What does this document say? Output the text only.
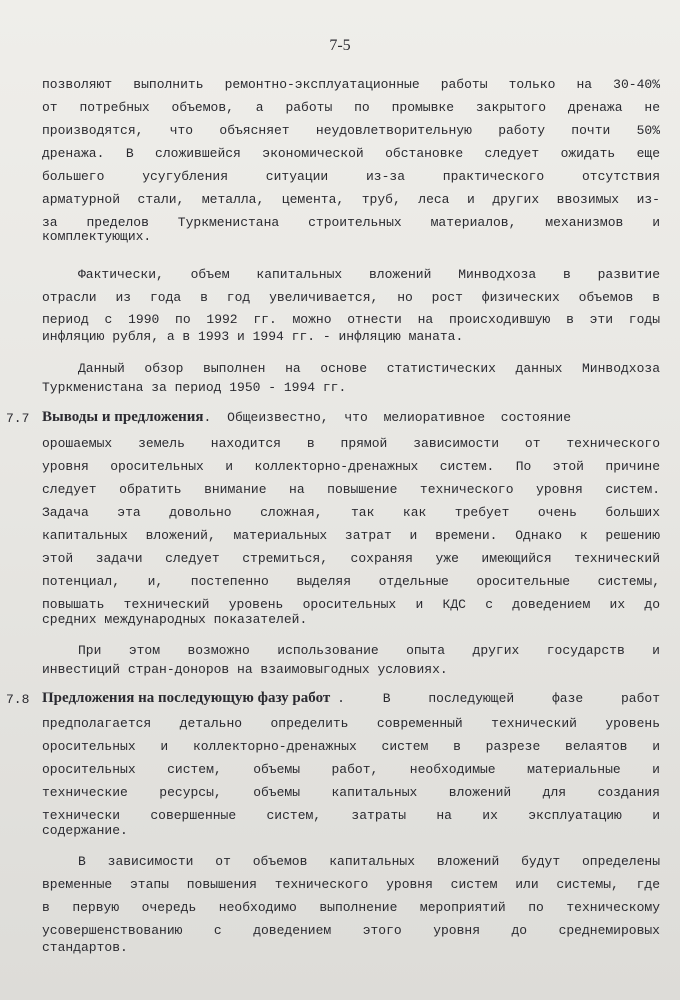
7-5
позволяют выполнить ремонтно-эксплуатационные работы только на 30-40%
от потребных объемов, а работы по промывке закрытого дренажа не
производятся, что объясняет неудовлетворительную работу почти 50%
дренажа. В сложившейся экономической обстановке следует ожидать еще
большего усугубления ситуации из-за практического отсутствия
арматурной стали, металла, цемента, труб, леса и других ввозимых из-
за пределов Туркменистана строительных материалов, механизмов и
комплектующих.
Фактически, объем капитальных вложений Минводхоза в развитие
отрасли из года в год увеличивается, но рост физических объемов в
период с 1990 по 1992 гг. можно отнести на происходившую в эти годы
инфляцию рубля, а в 1993 и 1994 гг. - инфляцию маната.
Данный обзор выполнен на основе статистических данных Минводхоза
Туркменистана за период 1950 - 1994 гг.
7.7 Выводы и предложения. Общеизвестно, что мелиоративное состояние
орошаемых земель находится в прямой зависимости от технического
уровня оросительных и коллекторно-дренажных систем. По этой причине
следует обратить внимание на повышение технического уровня систем.
Задача эта довольно сложная, так как требует очень больших
капитальных вложений, материальных затрат и времени. Однако к решению
этой задачи следует стремиться, сохраняя уже имеющийся технический
потенциал, и, постепенно выделяя отдельные оросительные системы,
повышать технический уровень оросительных и КДС с доведением их до
средних международных показателей.
При этом возможно использование опыта других государств и
инвестиций стран-доноров на взаимовыгодных условиях.
7.8 Предложения на последующую фазу работ . В последующей фазе работ
предполагается детально определить современный технический уровень
оросительных и коллекторно-дренажных систем в разрезе велаятов и
оросительных систем, объемы работ, необходимые материальные и
технические ресурсы, объемы капитальных вложений для создания
технически совершенные систем, затраты на их эксплуатацию и
содержание.
В зависимости от объемов капитальных вложений будут определены
временные этапы повышения технического уровня систем или системы, где
в первую очередь необходимо выполнение мероприятий по техническому
усовершенствованию с доведением этого уровня до среднемировых
стандартов.
